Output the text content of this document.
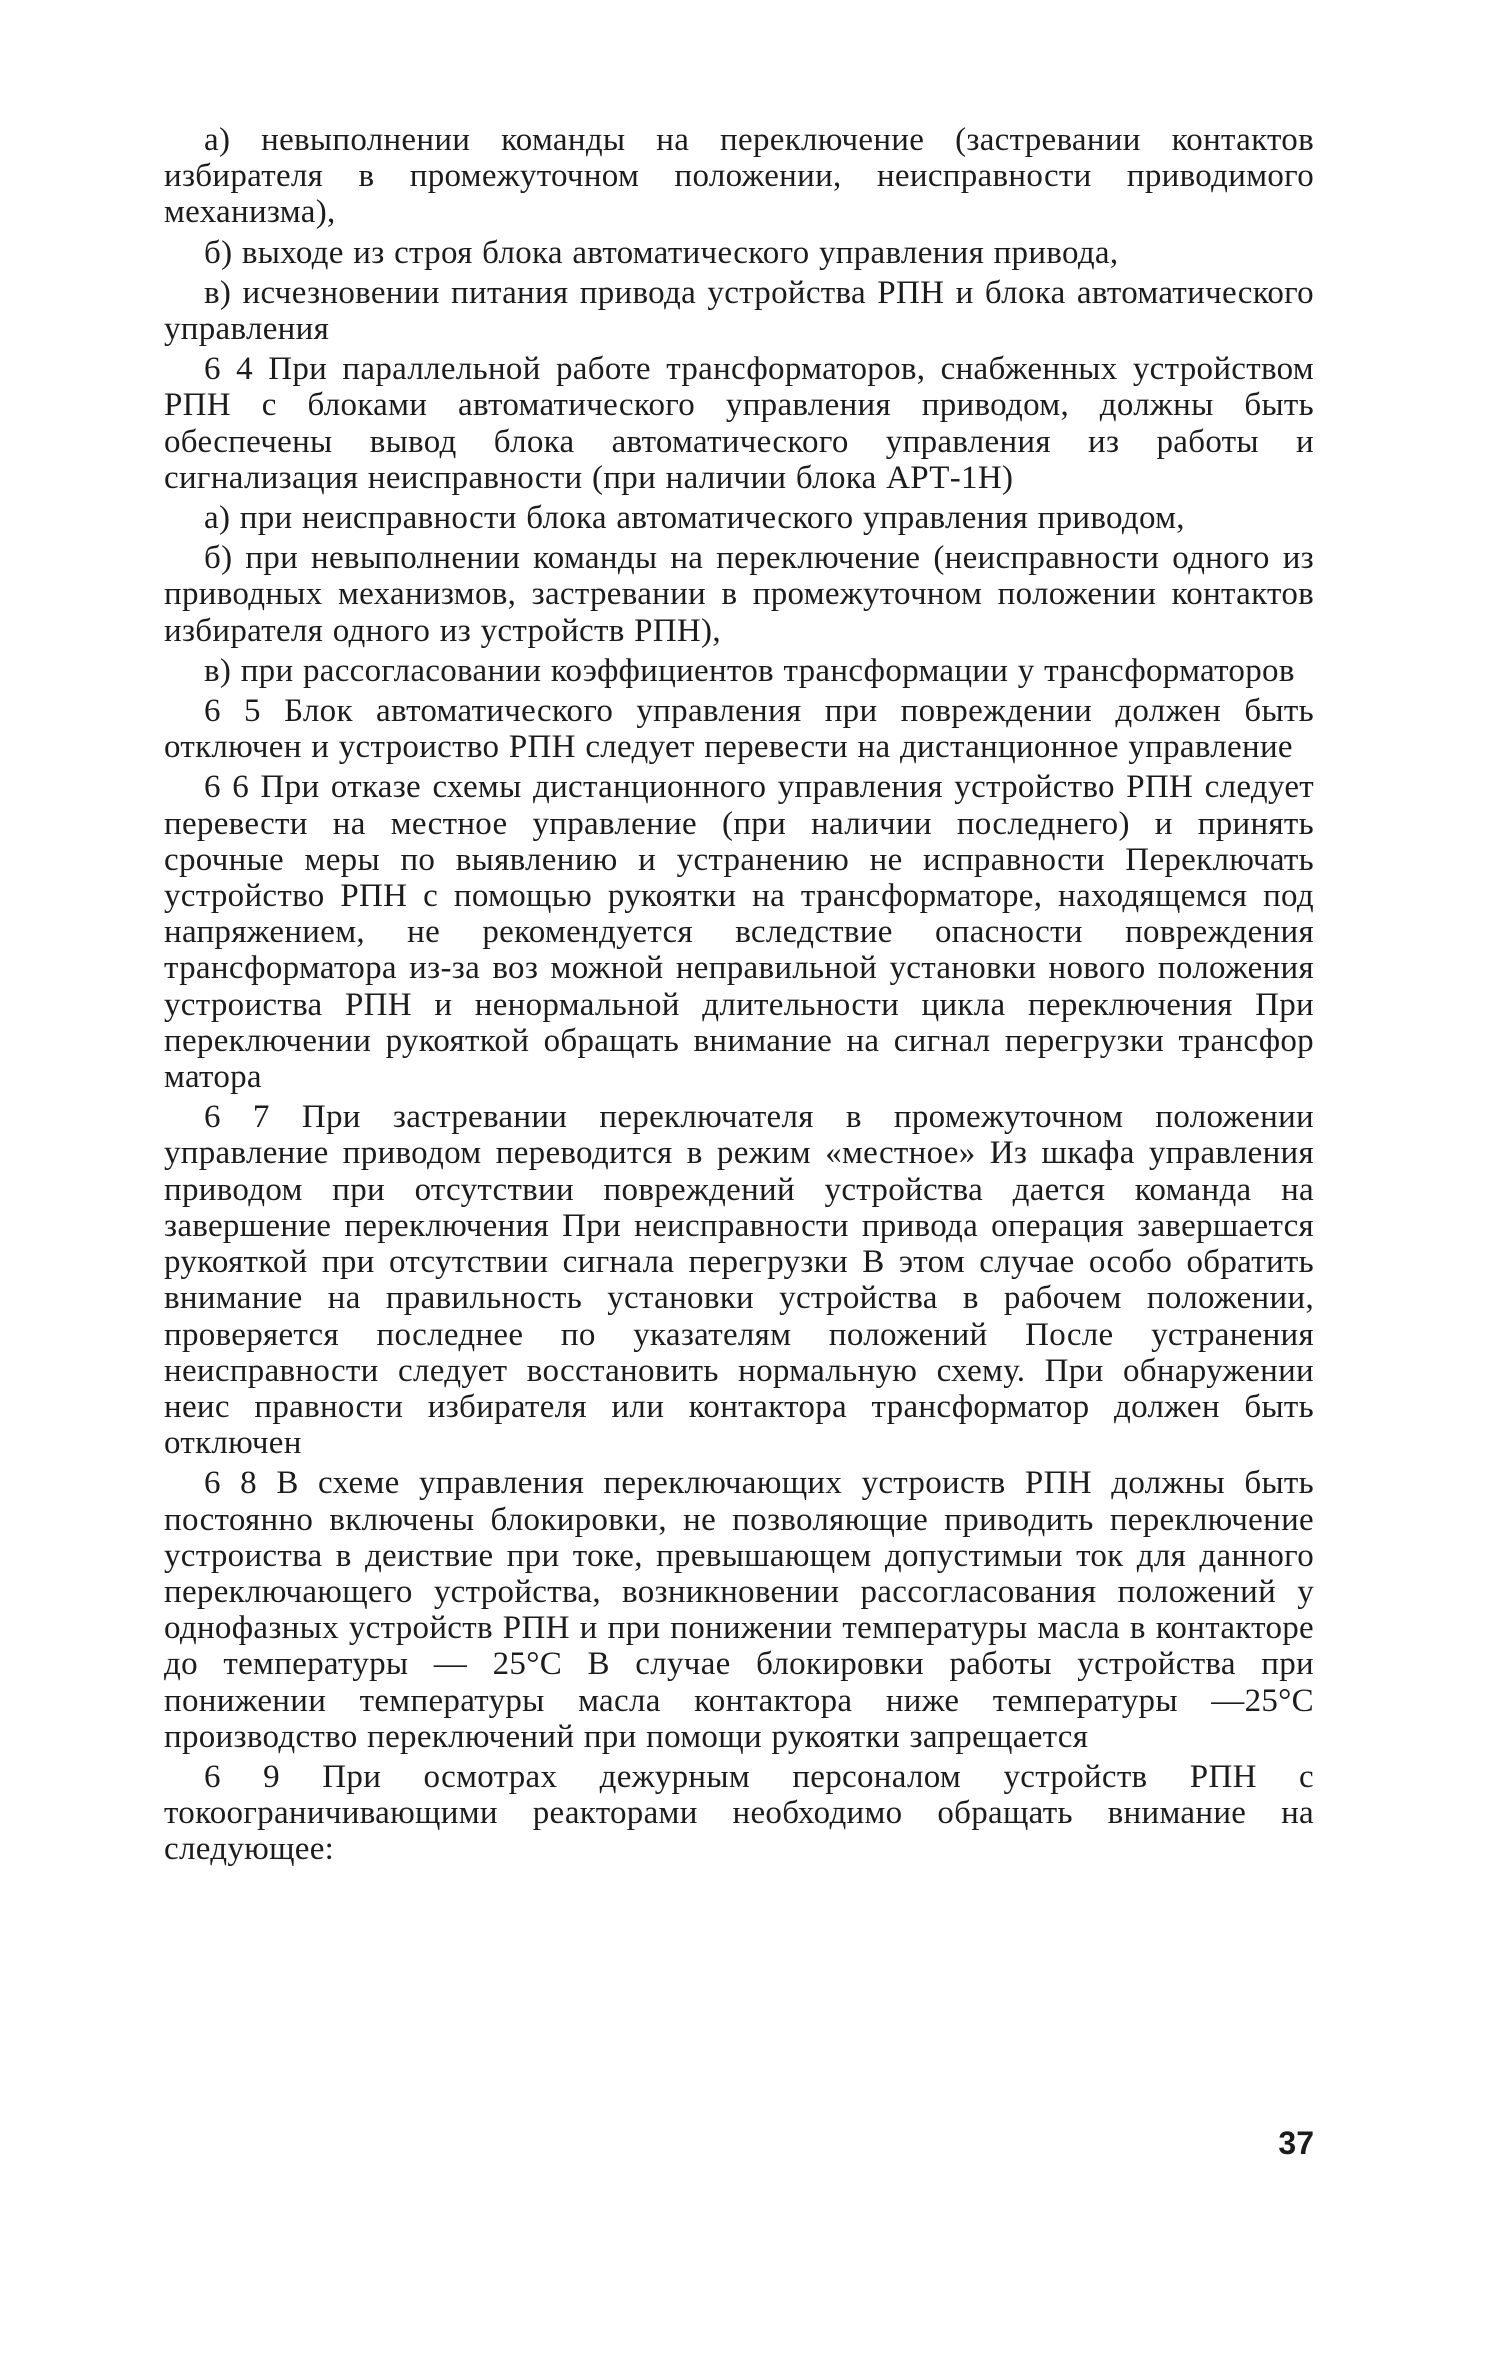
а) невыполнении команды на переключение (застревании контактов избирателя в промежуточном положении, неисправности приводимого механизма),

б) выходе из строя блока автоматического управления привода,

в) исчезновении питания привода устройства РПН и блока автоматического управления

6 4 При параллельной работе трансформаторов, снабженных устройством РПН с блоками автоматического управления приводом, должны быть обеспечены вывод блока автоматического управления из работы и сигнализация неисправности (при наличии блока АРТ-1Н)

а) при неисправности блока автоматического управления приводом,

б) при невыполнении команды на переключение (неисправности одного из приводных механизмов, застревании в промежуточном положении контактов избирателя одного из устройств РПН),

в) при рассогласовании коэффициентов трансформации у трансформаторов

6 5 Блок автоматического управления при повреждении должен быть отключен и устроиство РПН следует перевести на дистанционное управление

6 6 При отказе схемы дистанционного управления устройство РПН следует перевести на местное управление (при наличии последнего) и принять срочные меры по выявлению и устранению не исправности Переключать устройство РПН с помощью рукоятки на трансформаторе, находящемся под напряжением, не рекомендуется вследствие опасности повреждения трансформатора из-за воз можной неправильной установки нового положения устроиства РПН и ненормальной длительности цикла переключения При переключении рукояткой обращать внимание на сигнал перегрузки трансфор матора

6 7 При застревании переключателя в промежуточном положении управление приводом переводится в режим «местное» Из шкафа управления приводом при отсутствии повреждений устройства дается команда на завершение переключения При неисправности привода операция завершается рукояткой при отсутствии сигнала перегрузки В этом случае особо обратить внимание на правильность установки устройства в рабочем положении, проверяется последнее по указателям положений После устранения неисправности следует восстановить нормальную схему. При обнаружении неис правности избирателя или контактора трансформатор должен быть отключен

6 8 В схеме управления переключающих устроиств РПН должны быть постоянно включены блокировки, не позволяющие приводить переключение устроиства в деиствие при токе, превышающем допустимыи ток для данного переключающего устройства, возникновении рассогласования положений у однофазных устройств РПН и при понижении температуры масла в контакторе до температуры — 25°С В случае блокировки работы устройства при понижении температуры масла контактора ниже температуры —25°С производство переключений при помощи рукоятки запрещается

6 9 При осмотрах дежурным персоналом устройств РПН с токоограничивающими реакторами необходимо обращать внимание на следующее:

37
